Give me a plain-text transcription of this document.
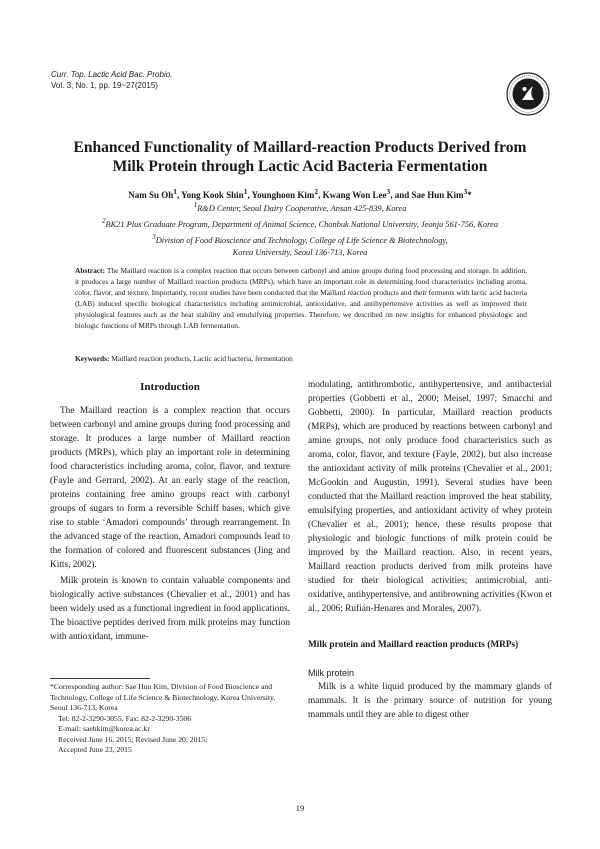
Curr. Top. Lactic Acid Bac. Probio.
Vol. 3, No. 1, pp. 19~27(2015)
Enhanced Functionality of Maillard-reaction Products Derived from
Milk Protein through Lactic Acid Bacteria Fermentation
Nam Su Oh$^1$, Yong Kook Shin$^1$, Younghoon Kim$^2$, Kwang Won Lee$^3$, and Sae Hun Kim$^3$*
$^1$R&D Center, Seoul Dairy Cooperative, Ansan 425-839, Korea
$^2$BK21 Plus Graduate Program, Department of Animal Science, Chonbuk National University, Jeonju 561-756, Korea
$^3$Division of Food Bioscience and Technology, College of Life Science & Biotechnology,
Korea University, Seoul 136-713, Korea
Abstract: The Maillard reaction is a complex reaction that occurs between carbonyl and amine groups during food processing and storage. In addition, it produces a large number of Maillard reaction products (MRPs), which have an important role in determining food characteristics including aroma, color, flavor, and texture. Importantly, recent studies have been conducted that the Maillard reaction products and their ferments with lactic acid bacteria (LAB) induced specific biological characteristics including antimicrobial, antioxidative, and antihypertensive activities as well as improved their physiological features such as the heat stability and emulsifying properties. Therefore, we described on new insights for enhanced physiologic and biologic functions of MRPs through LAB fermentation.
Keywords: Maillard reaction products, Lactic acid bacteria, fermentation
Introduction

The Maillard reaction is a complex reaction that occurs between carbonyl and amine groups during food processing and storage. It produces a large number of Maillard reaction products (MRPs), which play an important role in determining food characteristics including aroma, color, flavor, and texture (Fayle and Gerrard, 2002). At an early stage of the reaction, proteins containing free amino groups react with carbonyl groups of sugars to form a reversible Schiff bases, which give rise to stable ‘Amadori compounds’ through rearrangement. In the advanced stage of the reaction, Amadori compounds lead to the formation of colored and fluorescent substances (Jing and Kitts, 2002).

Milk protein is known to contain valuable components and biologically active substances (Chevalier et al., 2001) and has been widely used as a functional ingredient in food applications. The bioactive peptides derived from milk proteins may function with antioxidant, immune-

modulating, antithrombotic, antihypertensive, and antibacterial properties (Gobbetti et al., 2000; Meisel, 1997; Smacchi and Gobbetti, 2000). In particular, Maillard reaction products (MRPs), which are produced by reactions between carbonyl and amine groups, not only produce food characteristics such as aroma, color, flavor, and texture (Fayle, 2002), but also increase the antioxidant activity of milk proteins (Chevalier et al., 2001; McGookin and Augustin, 1991). Several studies have been conducted that the Maillard reaction improved the heat stability, emulsifying properties, and antioxidant activity of whey protein (Chevalier et al., 2001); hence, these results propose that physiologic and biologic functions of milk protein could be improved by the Maillard reaction. Also, in recent years, Maillard reaction products derived from milk proteins have studied for their biological activities; antimicrobial, anti-oxidative, antihypertensive, and antibrowning activities (Kwon et al., 2006; Rufián-Henares and Morales, 2007).

Milk protein and Maillard reaction products (MRPs)
Milk protein

Milk is a white liquid produced by the mammary glands of mammals. It is the primary source of nutrition for young mammals until they are able to digest other

*Corresponding author: Sae Hun Kim, Division of Food Bioscience and Technology, College of Life Science & Biotechnology, Korea University, Seoul 136-713, Korea
Tel: 82-2-3290-3055, Fax: 82-2-3290-3506
E-mail: saehkim@korea.ac.kr
Received June 16, 2015; Revised June 20, 2015;
Accepted June 23, 2015
19
